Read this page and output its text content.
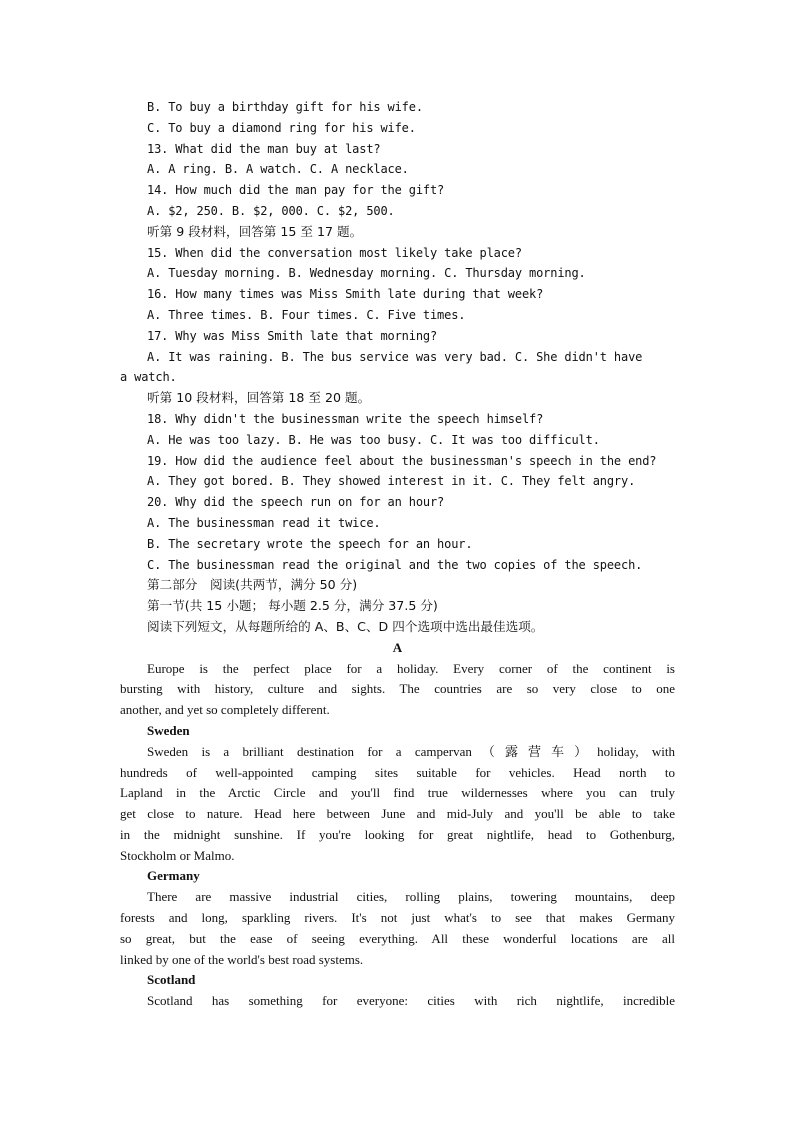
B. To buy a birthday gift for his wife.
C. To buy a diamond ring for his wife.
13. What did the man buy at last?
A. A ring. B. A watch. C. A necklace.
14. How much did the man pay for the gift?
A. $2, 250. B. $2, 000. C. $2, 500.
听第 9 段材料，回答第 15 至 17 题。
15. When did the conversation most likely take place?
A. Tuesday morning. B. Wednesday morning. C. Thursday morning.
16. How many times was Miss Smith late during that week?
A. Three times. B. Four times. C. Five times.
17. Why was Miss Smith late that morning?
A. It was raining. B. The bus service was very bad. C. She didn't have
a watch.
听第 10 段材料，回答第 18 至 20 题。
18. Why didn't the businessman write the speech himself?
A. He was too lazy. B. He was too busy. C. It was too difficult.
19. How did the audience feel about the businessman's speech in the end?
A. They got bored. B. They showed interest in it. C. They felt angry.
20. Why did the speech run on for an hour?
A. The businessman read it twice.
B. The secretary wrote the speech for an hour.
C. The businessman read the original and the two copies of the speech.
第二部分　阅读(共两节，满分 50 分)
第一节(共 15 小题； 每小题 2.5 分，满分 37.5 分)
阅读下列短文，从每题所给的 A、B、C、D 四个选项中选出最佳选项。
A
Europe is the perfect place for a holiday. Every corner of the continent is
bursting with history, culture and sights. The countries are so very close to one
another, and yet so completely different.
Sweden
Sweden is a brilliant destination for a campervan（露营车）holiday, with
hundreds of well-appointed camping sites suitable for vehicles. Head north to
Lapland in the Arctic Circle and you'll find true wildernesses where you can truly
get close to nature. Head here between June and mid-July and you'll be able to take
in the midnight sunshine. If you're looking for great nightlife, head to Gothenburg,
Stockholm or Malmo.
Germany
There are massive industrial cities, rolling plains, towering mountains, deep
forests and long, sparkling rivers. It's not just what's to see that makes Germany
so great, but the ease of seeing everything. All these wonderful locations are all
linked by one of the world's best road systems.
Scotland
Scotland has something for everyone: cities with rich nightlife, incredible
